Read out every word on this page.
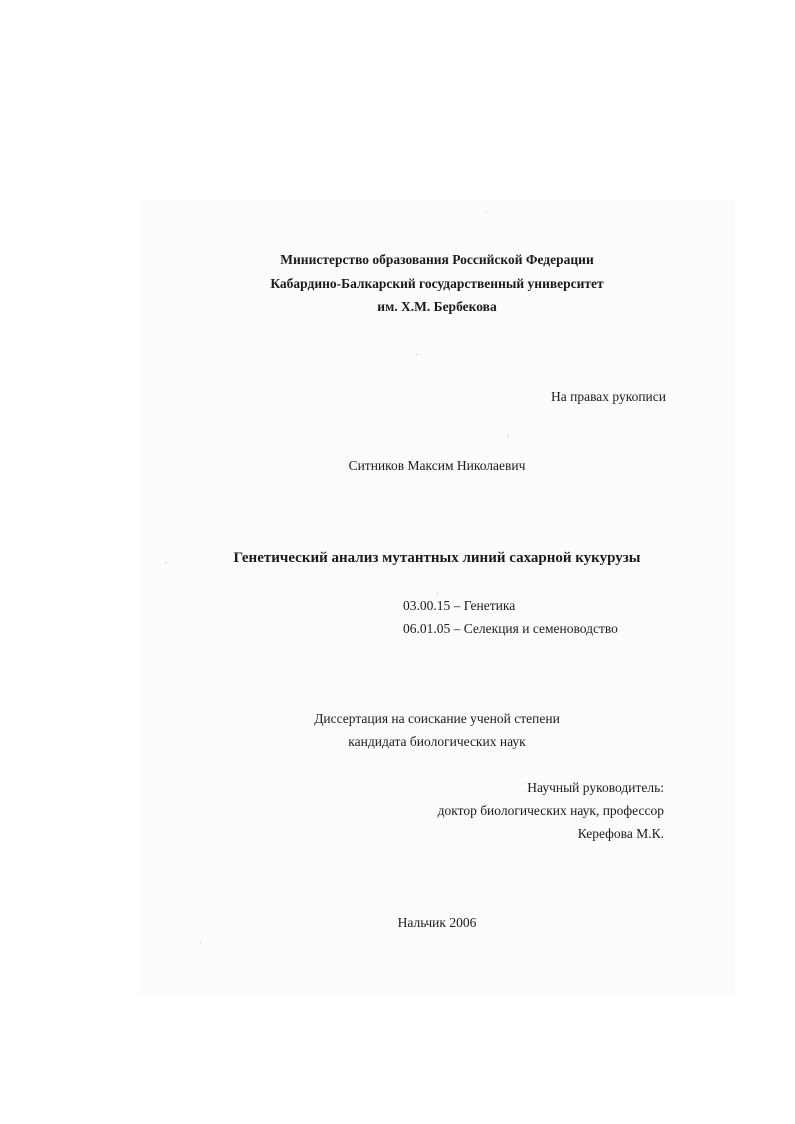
Министерство образования Российской Федерации
Кабардино-Балкарский государственный университет
им. Х.М. Бербекова
На правах рукописи
Ситников Максим Николаевич
Генетический анализ мутантных линий сахарной кукурузы
03.00.15 – Генетика
06.01.05 – Селекция и семеноводство
Диссертация на соискание ученой степени
кандидата биологических наук
Научный руководитель:
доктор биологических наук, профессор
Керефова М.К.
Нальчик 2006
